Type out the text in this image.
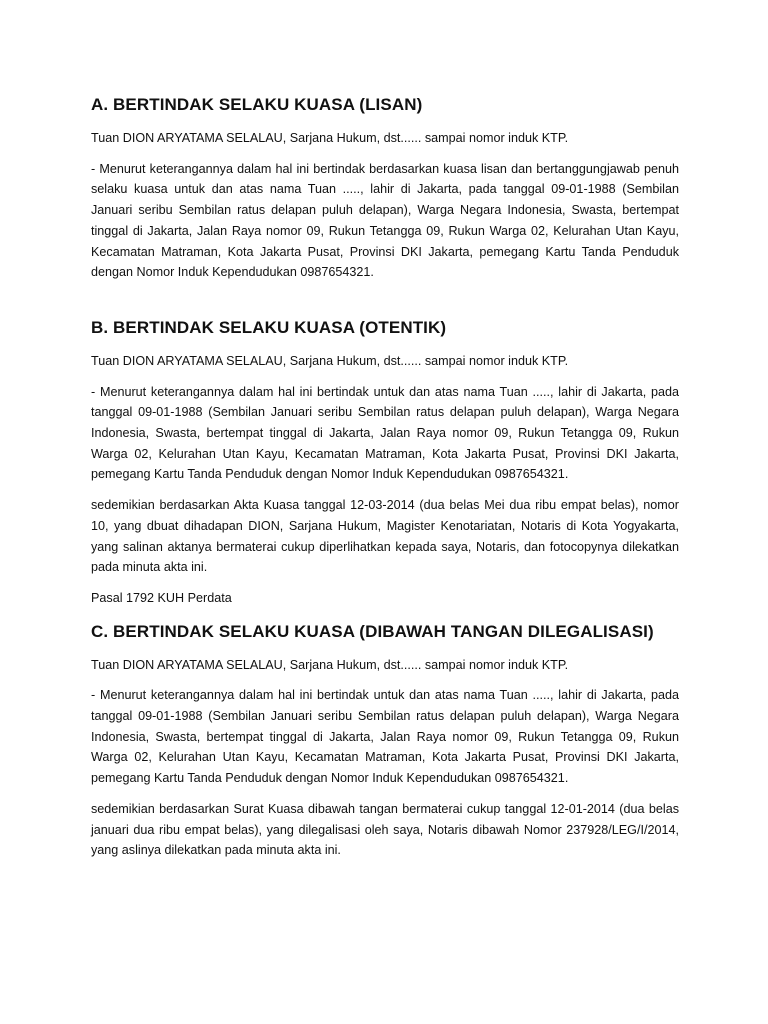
A. BERTINDAK SELAKU KUASA (LISAN)

Tuan DION ARYATAMA SELALAU, Sarjana Hukum, dst...... sampai nomor induk KTP.

- Menurut keterangannya dalam hal ini bertindak berdasarkan kuasa lisan dan bertanggungjawab penuh selaku kuasa untuk dan atas nama Tuan ....., lahir di Jakarta, pada tanggal 09-01-1988 (Sembilan Januari seribu Sembilan ratus delapan puluh delapan), Warga Negara Indonesia, Swasta, bertempat tinggal di Jakarta, Jalan Raya nomor 09, Rukun Tetangga 09, Rukun Warga 02, Kelurahan Utan Kayu, Kecamatan Matraman, Kota Jakarta Pusat, Provinsi DKI Jakarta, pemegang Kartu Tanda Penduduk dengan Nomor Induk Kependudukan 0987654321.

B. BERTINDAK SELAKU KUASA (OTENTIK)

Tuan DION ARYATAMA SELALAU, Sarjana Hukum, dst...... sampai nomor induk KTP.

- Menurut keterangannya dalam hal ini bertindak untuk dan atas nama Tuan ....., lahir di Jakarta, pada tanggal 09-01-1988 (Sembilan Januari seribu Sembilan ratus delapan puluh delapan), Warga Negara Indonesia, Swasta, bertempat tinggal di Jakarta, Jalan Raya nomor 09, Rukun Tetangga 09, Rukun Warga 02, Kelurahan Utan Kayu, Kecamatan Matraman, Kota Jakarta Pusat, Provinsi DKI Jakarta, pemegang Kartu Tanda Penduduk dengan Nomor Induk Kependudukan 0987654321.

sedemikian berdasarkan Akta Kuasa tanggal 12-03-2014 (dua belas Mei dua ribu empat belas), nomor 10, yang dbuat dihadapan DION, Sarjana Hukum, Magister Kenotariatan, Notaris di Kota Yogyakarta, yang salinan aktanya bermaterai cukup diperlihatkan kepada saya, Notaris, dan fotocopynya dilekatkan pada minuta akta ini.

Pasal 1792 KUH Perdata

C. BERTINDAK SELAKU KUASA (DIBAWAH TANGAN DILEGALISASI)

Tuan DION ARYATAMA SELALAU, Sarjana Hukum, dst...... sampai nomor induk KTP.

- Menurut keterangannya dalam hal ini bertindak untuk dan atas nama Tuan ....., lahir di Jakarta, pada tanggal 09-01-1988 (Sembilan Januari seribu Sembilan ratus delapan puluh delapan), Warga Negara Indonesia, Swasta, bertempat tinggal di Jakarta, Jalan Raya nomor 09, Rukun Tetangga 09, Rukun Warga 02, Kelurahan Utan Kayu, Kecamatan Matraman, Kota Jakarta Pusat, Provinsi DKI Jakarta, pemegang Kartu Tanda Penduduk dengan Nomor Induk Kependudukan 0987654321.

sedemikian berdasarkan Surat Kuasa dibawah tangan bermaterai cukup tanggal 12-01-2014 (dua belas januari dua ribu empat belas), yang dilegalisasi oleh saya, Notaris dibawah Nomor 237928/LEG/I/2014, yang aslinya dilekatkan pada minuta akta ini.
